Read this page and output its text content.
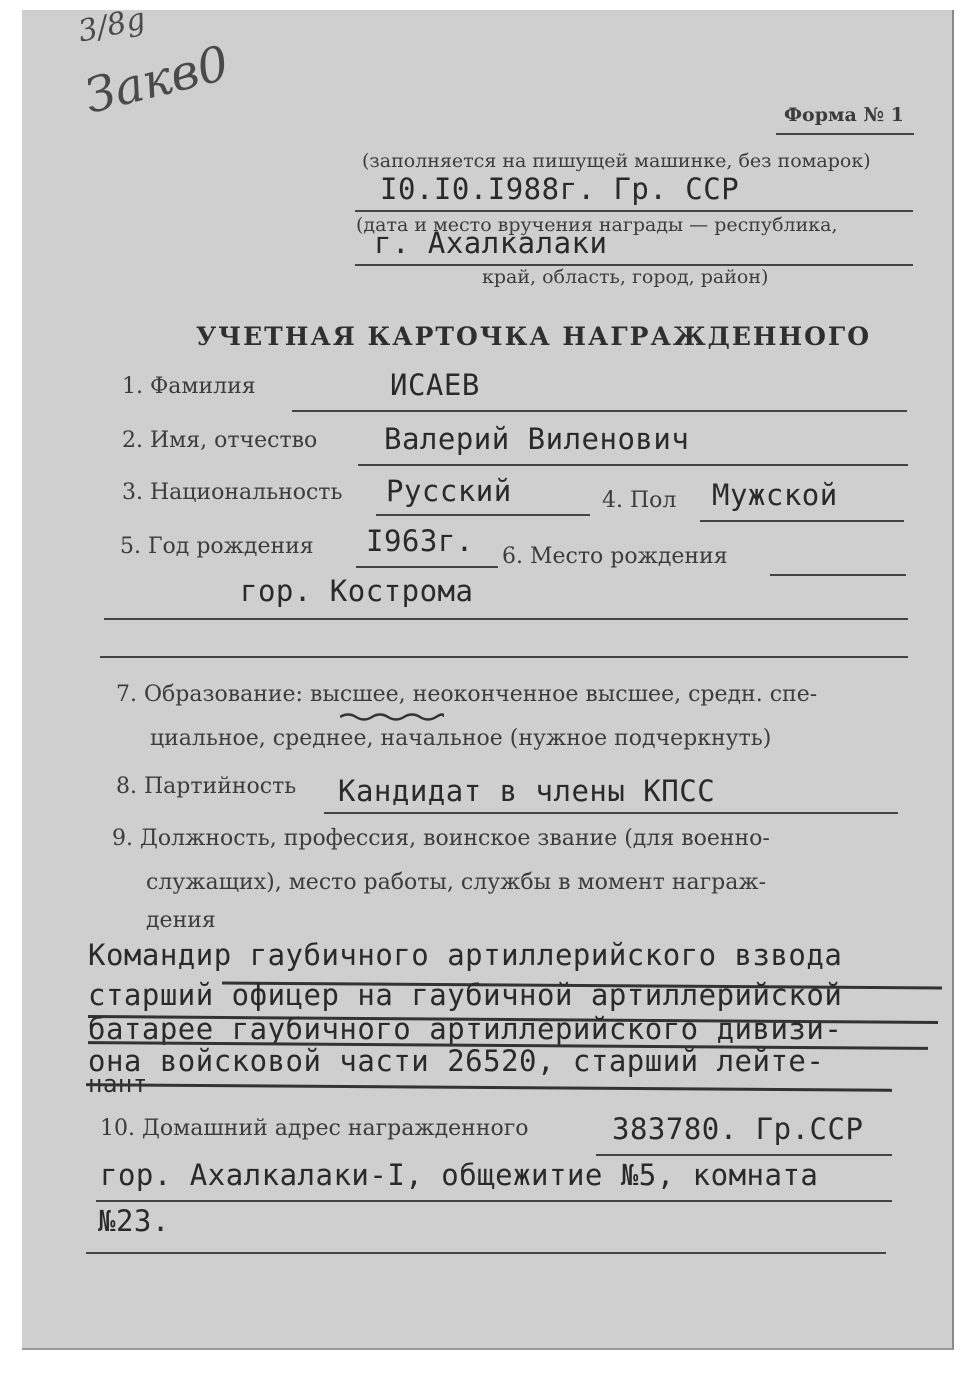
3/8g
Закв0	Форма № 1
(заполняется на пишущей машинке, без помарок)
I0.I0.I988г. Гр. ССР
(дата и место вручения награды — республика,
г. Ахалкалаки
край, область, город, район)
УЧЕТНАЯ КАРТОЧКА НАГРАЖДЕННОГО
1. Фамилия	ИСАЕВ
2. Имя, отчество Валерий Виленович
3. Национальность Русский	4. Пол Мужской
5. Год рождения I963г. 6. Место рождения
гор. Кострома
7. Образование: высшее, неоконченное высшее, средн. спе-
циальное, среднее, начальное (нужное подчеркнуть)
8. Партийность Кандидат в члены КПСС
9. Должность, профессия, воинское звание (для военно-
служащих), место работы, службы в момент награж-
дения
Командир гаубичного артиллерийского взвода
старший офицер на гаубичной артиллерийской
батарее гаубичного артиллерийского дивизи-
она войсковой части 26520, старший лейте-
нант
10. Домашний адрес награжденного	383780. Гр.ССР
гор. Ахалкалаки-I, общежитие №5, комната
№23.
